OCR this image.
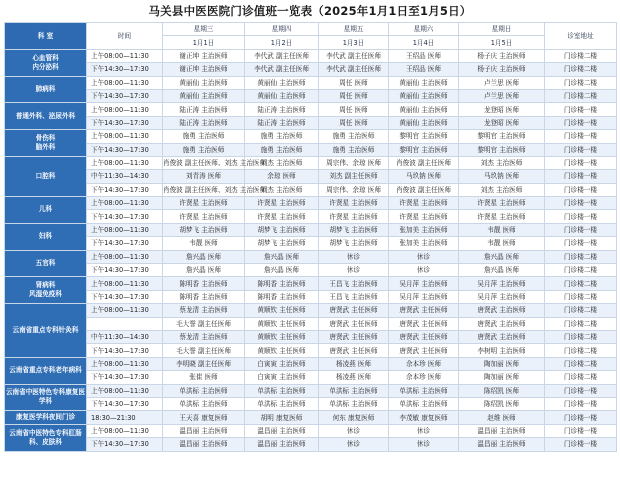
马关县中医医院门诊值班一览表（2025年1月1日至1月5日）
科 室	时间	星期三	星期四	星期五	星期六	星期日	诊室地址
		1月1日	1月2日	1月3日	1月4日	1月5日	

心血管科
内分泌科	上午08:00—11:30	谢正坤 主治医师	李代武 副主任医师	李代武 副主任医师	王绍品 医师	杨子庆 主治医师	门诊楼二楼
	下午14:30—17:30	谢正坤 主治医师	李代武 副主任医师	李代武 副主任医师	王绍品 医师	杨子庆 主治医师	门诊楼二楼

肺病科	上午08:00—11:30	黄丽仙 主治医师	黄丽仙 主治医师	周任 医师	黄丽仙 主治医师	卢兰思 医师	门诊楼二楼
	下午14:30—17:30	黄丽仙 主治医师	黄丽仙 主治医师	周任 医师	黄丽仙 主治医师	卢兰思 医师	门诊楼二楼

普通外科、泌尿外科	上午08:00—11:30	陆正涛 主治医师	陆正涛 主治医师	周任 医师	黄丽仙 主治医师	龙登昭 医师	门诊楼一楼
	下午14:30—17:30	陆正涛 主治医师	陆正涛 主治医师	周任 医师	黄丽仙 主治医师	龙登昭 医师	门诊楼一楼

骨伤科
脑外科	上午08:00—11:30	施勇 主治医师	施勇 主治医师	施勇 主治医师	黎明官 主治医师	黎明官 主治医师	门诊楼一楼
	下午14:30—17:30	施勇 主治医师	施勇 主治医师	施勇 主治医师	黎明官 主治医师	黎明官 主治医师	门诊楼一楼

口腔科	上午08:00—11:30	肖俊波 副主任医师、刘杰 主治医师	刘杰 主治医师	周宗伟、余琼 医师	肖俊波 副主任医师	刘杰 主治医师	门诊楼一楼
	中午11:30—14:30	刘青涛 医师	余琼 医师	刘杰 副主任医师	马玖钠 医师	马玖钠 医师	门诊楼一楼
	下午14:30—17:30	肖俊波 副主任医师、刘杰 主治医师	刘杰 主治医师	周宗伟、余琼 医师	肖俊波 副主任医师	刘杰 主治医师	门诊楼一楼

儿科	上午08:00—11:30	许贤星 主治医师	许贤星 主治医师	许贤星 主治医师	许贤星 主治医师	许贤星 主治医师	门诊楼一楼
	下午14:30—17:30	许贤星 主治医师	许贤星 主治医师	许贤星 主治医师	许贤星 主治医师	许贤星 主治医师	门诊楼一楼

妇科	上午08:00—11:30	胡梦飞 主治医师	胡梦飞 主治医师	胡梦飞 主治医师	张加美 主治医师	韦靓 医师	门诊楼一楼
	下午14:30—17:30	韦靓 医师	胡梦飞 主治医师	胡梦飞 主治医师	张加美 主治医师	韦靓 医师	门诊楼一楼

五官科	上午08:00—11:30	詹兴晶 医师	詹兴晶 医师	休诊	休诊	詹兴晶 医师	门诊楼二楼
	下午14:30—17:30	詹兴晶 医师	詹兴晶 医师	休诊	休诊	詹兴晶 医师	门诊楼二楼

肾病科
风湿免疫科	上午08:00—11:30	陈明香 主治医师	陈明香 主治医师	王昌飞 主治医师	吴月萍 主治医师	吴月萍 主治医师	门诊楼二楼
	下午14:30—17:30	陈明香 主治医师	陈明香 主治医师	王昌飞 主治医师	吴月萍 主治医师	吴月萍 主治医师	门诊楼二楼

云南省重点专科针灸科	上午08:00—11:30	蔡龙清 主治医师	黄顺钦 主任医师	唐贤武 主任医师	唐贤武 主任医师	唐贤武 主治医师	门诊楼二楼
		毛大誉 副主任医师	黄顺钦 主任医师	唐贤武 主任医师	唐贤武 主任医师	唐贤武 主治医师	门诊楼二楼
	中午11:30—14:30	蔡龙清 主治医师	黄顺钦 主任医师	唐贤武 主任医师	唐贤武 主任医师	唐贤武 主治医师	门诊楼二楼
	下午14:30—17:30	毛大誉 副主任医师	黄顺钦 主任医师	唐贤武 主任医师	唐贤武 主任医师	李树明 主治医师	门诊楼二楼

云南省重点专科老年病科	上午08:00—11:30	李明晓 副主任医师	白寅寅 主治医师	杨凌燕 医师	佘本珍 医师	陶加丽 医师	门诊楼二楼
	下午14:30—17:30	张崔 医师	白寅寅 主治医师	杨凌燕 医师	佘本珍 医师	陶加丽 医师	门诊楼二楼

云南省中医特色专科康复医学科	上午08:00—11:30	单洪标 主治医师	单洪标 主治医师	单洪标 主治医师	单洪标 主治医师	陈绍凯 医师	门诊楼一楼
	下午14:30—17:30	单洪标 主治医师	单洪标 主治医师	单洪标 主治医师	单洪标 主治医师	陈绍凯 医师	门诊楼一楼

康复医学科夜间门诊	18:30—21:30	王天喜 康复医师	胡明 康复医师	何东 康复医师	李茂敏 康复医师	赵维 医师	门诊楼一楼

云南省中医特色专科肛肠科、皮肤科	上午08:00—11:30	温昌丽 主治医师	温昌丽 主治医师	休诊	休诊	温昌丽 主治医师	门诊楼一楼
	下午14:30—17:30	温昌丽 主治医师	温昌丽 主治医师	休诊	休诊	温昌丽 主治医师	门诊楼一楼
腾讯网 · 马关县中医医院
